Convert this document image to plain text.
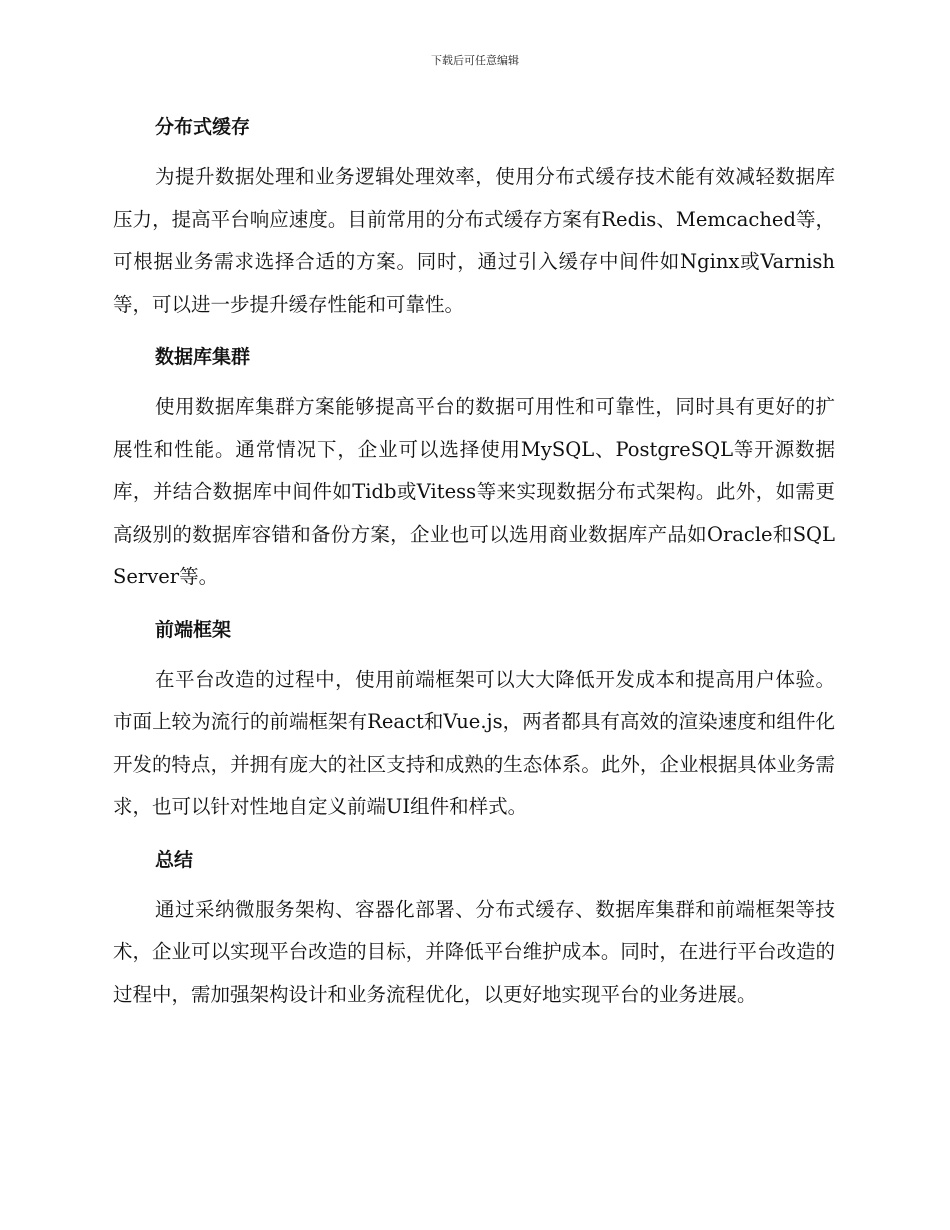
下载后可任意编辑
分布式缓存

为提升数据处理和业务逻辑处理效率，使用分布式缓存技术能有效减轻数据库压力，提高平台响应速度。目前常用的分布式缓存方案有Redis、Memcached等，可根据业务需求选择合适的方案。同时，通过引入缓存中间件如Nginx或Varnish等，可以进一步提升缓存性能和可靠性。

数据库集群

使用数据库集群方案能够提高平台的数据可用性和可靠性，同时具有更好的扩展性和性能。通常情况下，企业可以选择使用MySQL、PostgreSQL等开源数据库，并结合数据库中间件如Tidb或Vitess等来实现数据分布式架构。此外，如需更高级别的数据库容错和备份方案，企业也可以选用商业数据库产品如Oracle和SQL Server等。

前端框架

在平台改造的过程中，使用前端框架可以大大降低开发成本和提高用户体验。市面上较为流行的前端框架有React和Vue.js，两者都具有高效的渲染速度和组件化开发的特点，并拥有庞大的社区支持和成熟的生态体系。此外，企业根据具体业务需求，也可以针对性地自定义前端UI组件和样式。

总结

通过采纳微服务架构、容器化部署、分布式缓存、数据库集群和前端框架等技术，企业可以实现平台改造的目标，并降低平台维护成本。同时，在进行平台改造的过程中，需加强架构设计和业务流程优化，以更好地实现平台的业务进展。
